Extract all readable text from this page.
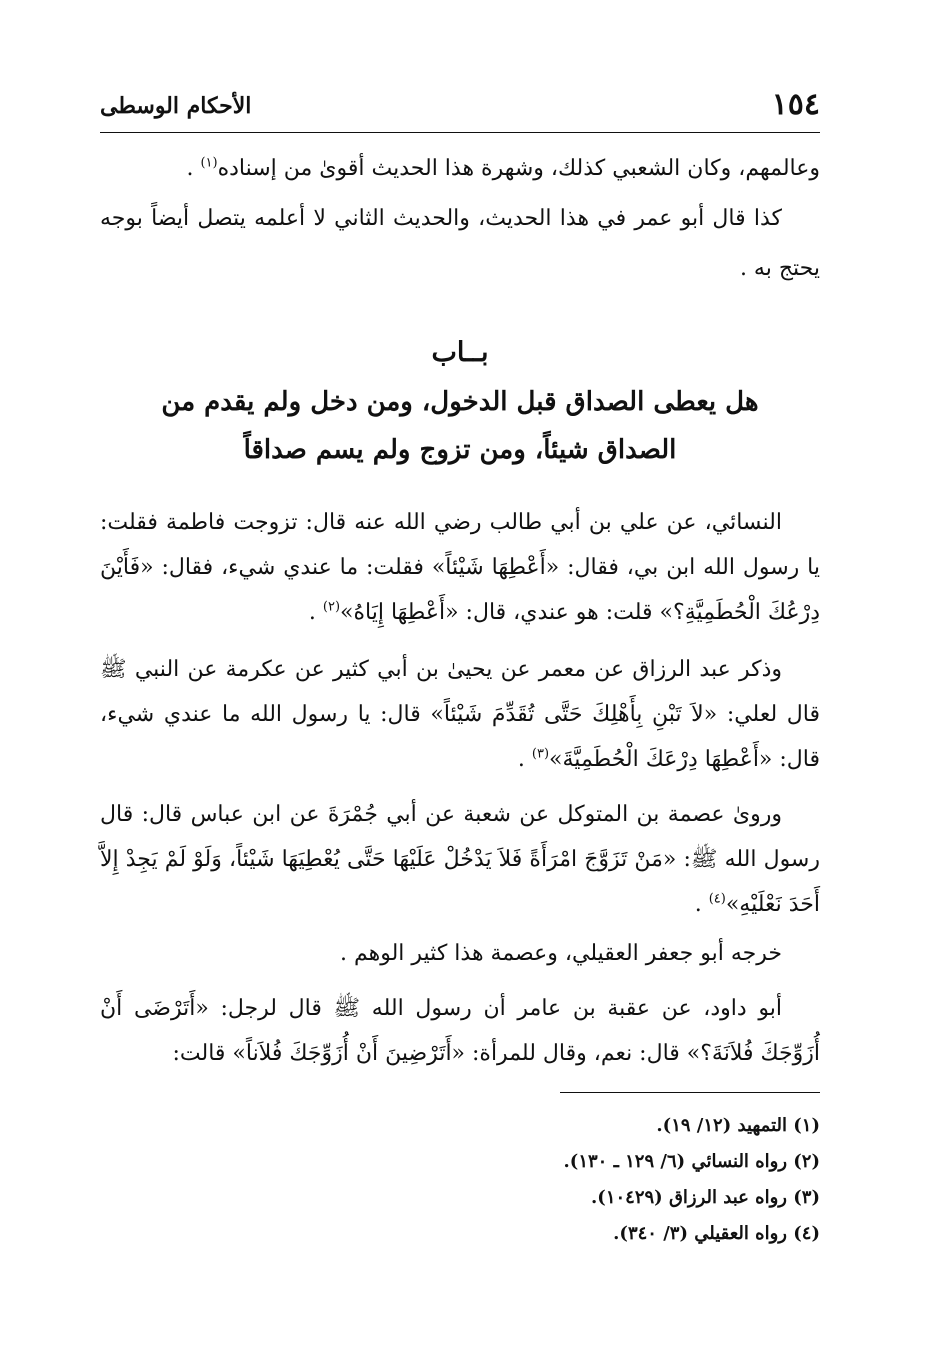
١٥٤
الأحكام الوسطى

وعالمهم، وكان الشعبي كذلك، وشهرة هذا الحديث أقوىٰ من إسناده$^{(١)}$ .

كذا قال أبو عمر في هذا الحديث، والحديث الثاني لا أعلمه يتصل أيضاً بوجه يحتج به .

بــاب
هل يعطى الصداق قبل الدخول، ومن دخل ولم يقدم من
الصداق شيئاً، ومن تزوج ولم يسم صداقاً

النسائي، عن علي بن أبي طالب رضي الله عنه قال: تزوجت فاطمة فقلت: يا رسول الله ابن بي، فقال: «أَعْطِهَا شَيْئاً» فقلت: ما عندي شيء، فقال: «فَأَيْنَ دِرْعُكَ الْحُطَمِيَّةِ؟» قلت: هو عندي، قال: «أَعْطِهَا إِيَاهُ»$^{(٢)}$ .

وذكر عبد الرزاق عن معمر عن يحيىٰ بن أبي كثير عن عكرمة عن النبي ﷺ قال لعلي: «لاَ تَبْنِ بِأَهْلِكَ حَتَّى تُقَدِّمَ شَيْئاً» قال: يا رسول الله ما عندي شيء، قال: «أَعْطِهَا دِرْعَكَ الْحُطَمِيَّةَ»$^{(٣)}$ .

وروىٰ عصمة بن المتوكل عن شعبة عن أبي جُمْرَةَ عن ابن عباس قال: قال رسول الله ﷺ: «مَنْ تَزَوَّجَ امْرَأَةً فَلاَ يَدْخُلْ عَلَيْهَا حَتَّى يُعْطِيَهَا شَيْئاً، وَلَوْ لَمْ يَجِدْ إِلاَّ أَحَدَ نَعْلَيْهِ»$^{(٤)}$ .

خرجه أبو جعفر العقيلي، وعصمة هذا كثير الوهم .

أبو داود، عن عقبة بن عامر أن رسول الله ﷺ قال لرجل: «أَتَرْضَى أَنْ أُزَوِّجَكَ فُلاَنَةَ؟» قال: نعم، وقال للمرأة: «أَتَرْضِينَ أَنْ أُزَوِّجَكَ فُلاَناً» قالت:

(١) التمهيد (١٢/ ١٩).
(٢) رواه النسائي (٦/ ١٢٩ ـ ١٣٠).
(٣) رواه عبد الرزاق (١٠٤٢٩).
(٤) رواه العقيلي (٣/ ٣٤٠).
